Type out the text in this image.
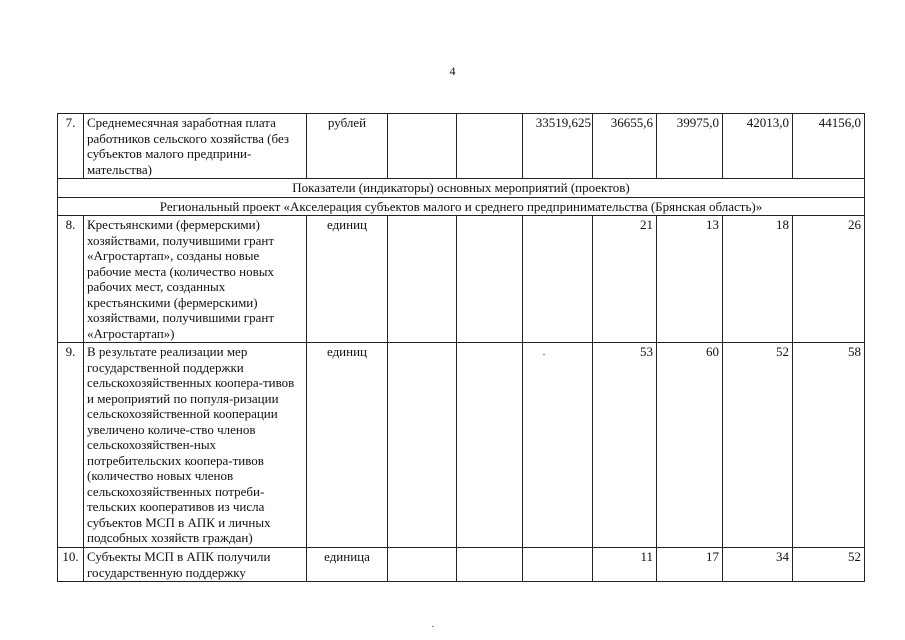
4
7.	Среднемесячная заработная плата работников сельского хозяйства (без субъектов малого предприни-мательства)	рублей			33519,625	36655,6	39975,0	42013,0	44156,0
Показатели (индикаторы) основных мероприятий (проектов)									
Региональный проект «Акселерация субъектов малого и среднего предпринимательства (Брянская область)»									
8.	Крестьянскими (фермерскими) хозяйствами, получившими грант «Агростартап», созданы новые рабочие места (количество новых рабочих мест, созданных крестьянскими (фермерскими) хозяйствами, получившими грант «Агростартап»)	единиц				21	13	18	26
9.	В результате реализации мер государственной поддержки сельскохозяйственных коопера-тивов и мероприятий по популя-ризации сельскохозяйственной кооперации увеличено количе-ство членов сельскохозяйствен-ных потребительских коопера-тивов (количество новых членов сельскохозяйственных потреби-тельских кооперативов из числа субъектов МСП в АПК и личных подсобных хозяйств граждан)	единиц				53	60	52	58
10.	Субъекты МСП в АПК получили государственную поддержку	единица				11	17	34	52
